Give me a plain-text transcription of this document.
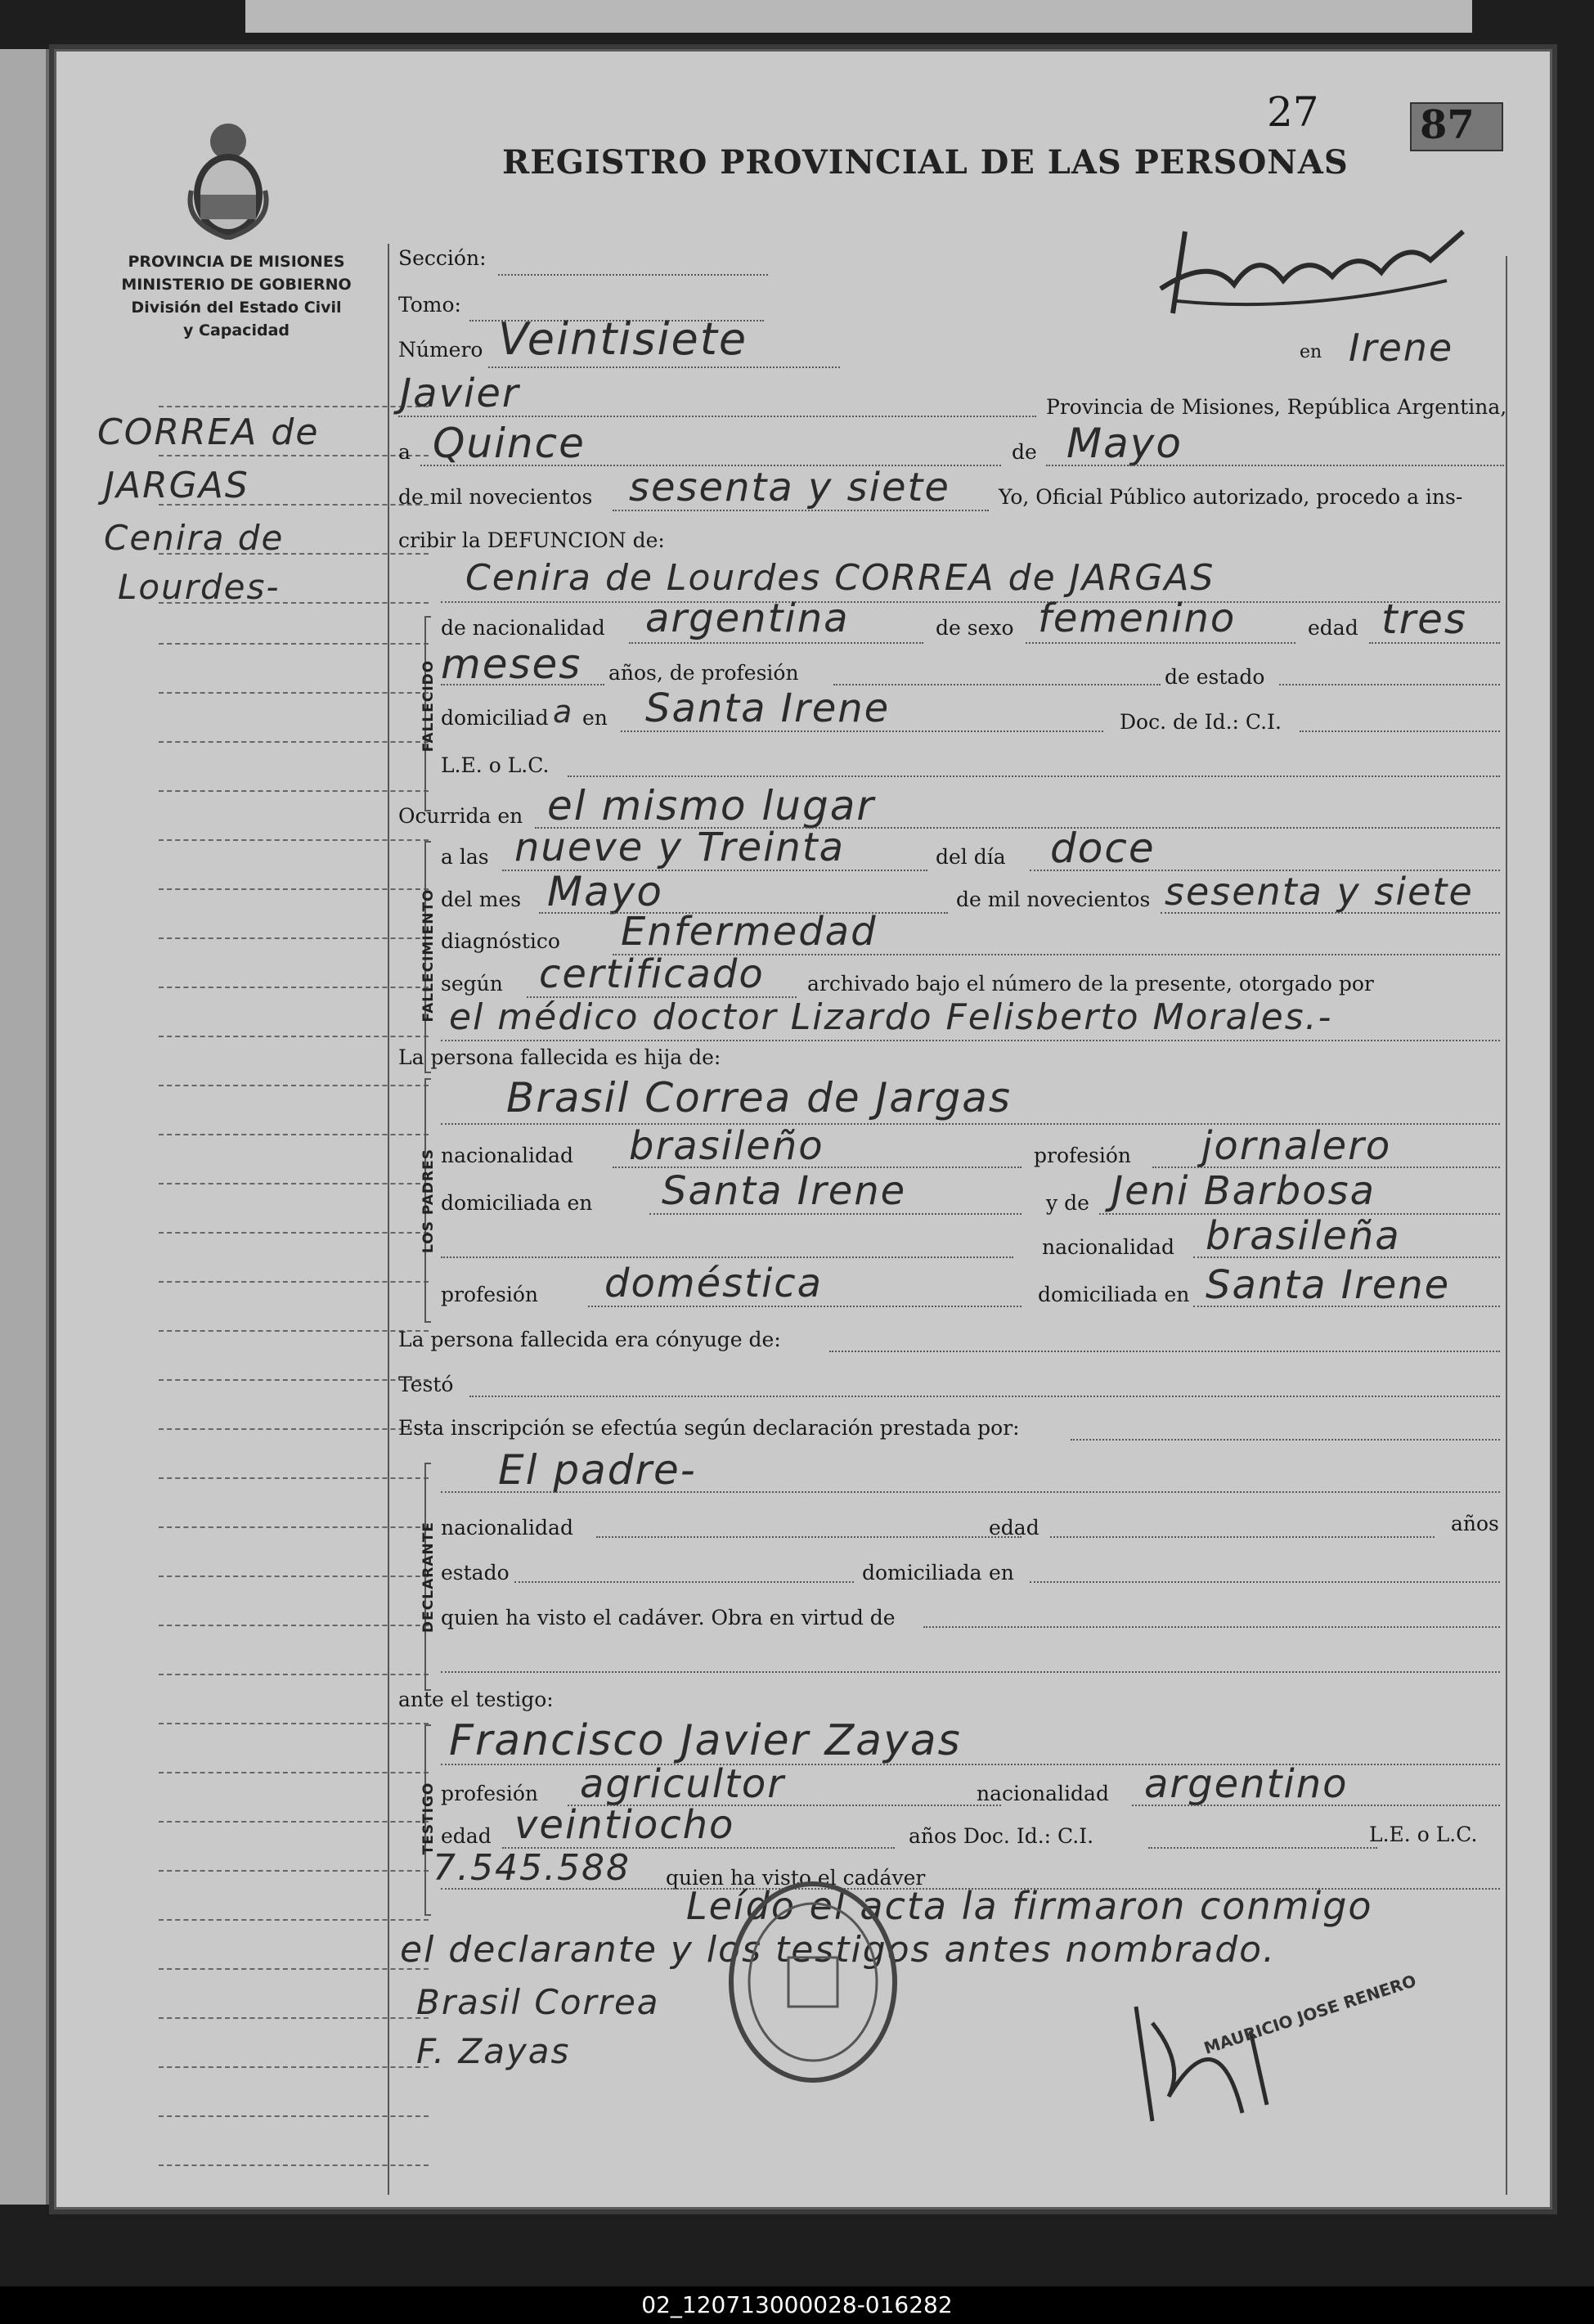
27	87
REGISTRO PROVINCIAL DE LAS PERSONAS
PROVINCIA DE MISIONES
MINISTERIO DE GOBIERNO
División del Estado Civil
y Capacidad
CORREA de
JARGAS
Cenira de
Lourdes-
Sección:
Tomo:
Número Veintisiete	en Irene
Javier	Provincia de Misiones, República Argentina,
a Quince	de Mayo
de mil novecientos sesenta y siete Yo, Oficial Público autorizado, procedo a ins-
cribir la DEFUNCION de:
FALLECIDO
Cenira de Lourdes CORREA de JARGAS
de nacionalidad argentina	de sexo femenino	edad tres
meses años, de profesión	de estado
domiciliad a en Santa Irene	Doc. de Id.: C.I.
L.E. o L.C.
Ocurrida en el mismo lugar
FALLECIMIENTO
a las nueve y Treinta	del día doce
del mes Mayo	de mil novecientos sesenta y siete
diagnóstico Enfermedad
según certificado archivado bajo el número de la presente, otorgado por
el médico doctor Lizardo Felisberto Morales.-
La persona fallecida es hija de:
LOS PADRES
Brasil Correa de Jargas
nacionalidad brasileño	profesión jornalero
domiciliada en Santa Irene	y de Jeni Barbosa
nacionalidad brasileña
profesión doméstica	domiciliada en Santa Irene
La persona fallecida era cónyuge de:
Testó
Esta inscripción se efectúa según declaración prestada por:
DECLARANTE
El padre-
nacionalidad	edad	años
estado	domiciliada en
quien ha visto el cadáver. Obra en virtud de
ante el testigo:
TESTIGO
Francisco Javier Zayas
profesión agricultor	nacionalidad argentino
edad veintiocho	años Doc. Id.: C.I.	L.E. o L.C.
7.545.588 quien ha visto el cadáver
Leído el acta la firmaron conmigo
el declarante y los testigos antes nombrado.
Brasil Correa
F. Zayas	MAURICIO JOSE RENERO
02_120713000028-016282
